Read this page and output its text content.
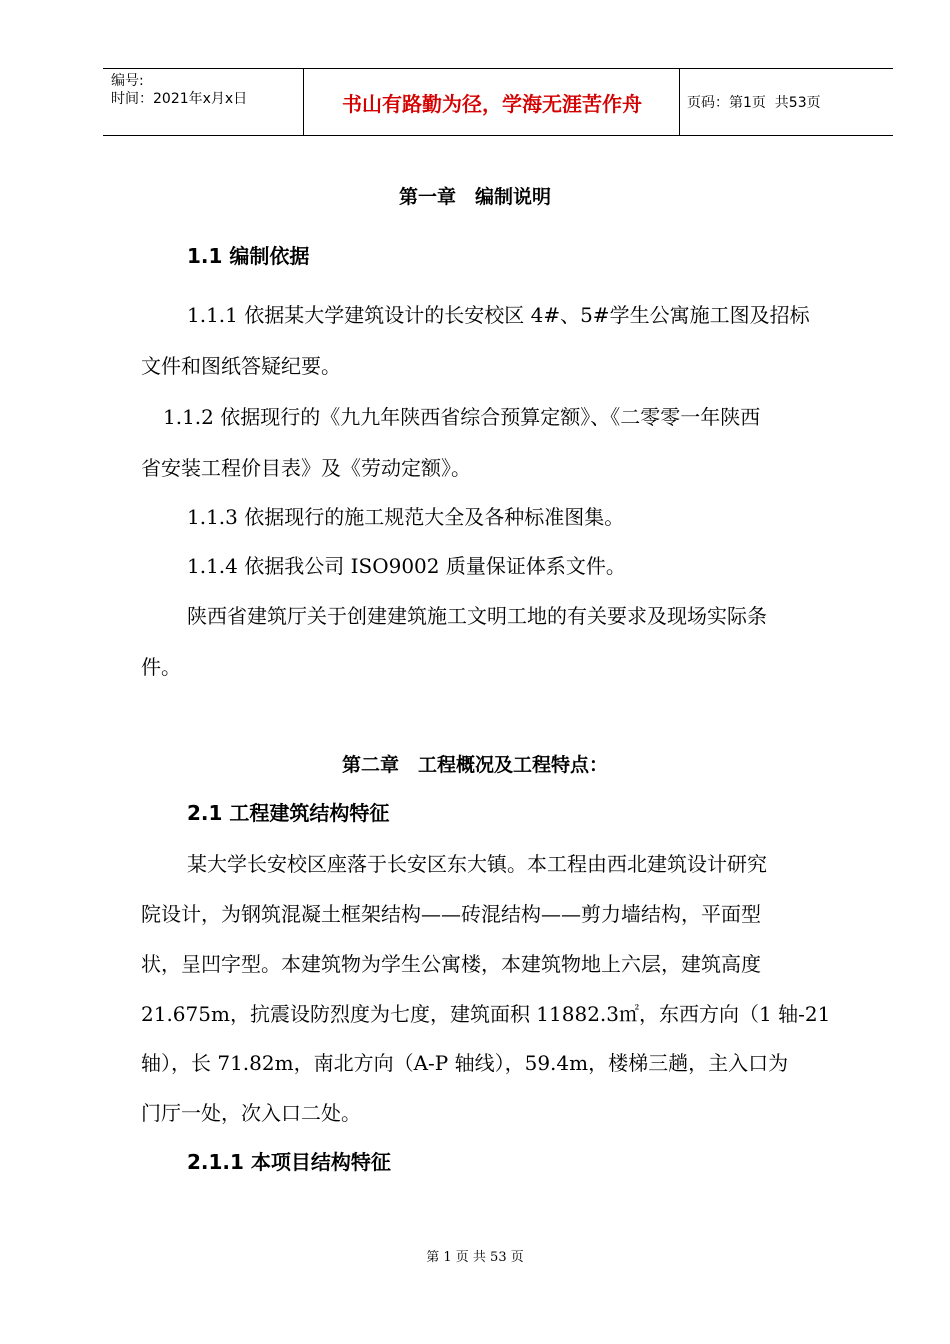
编号:
时间：2021年x月x日	书山有路勤为径，学海无涯苦作舟	页码：第1页  共53页
第一章　编制说明
1.1 编制依据
1.1.1 依据某大学建筑设计的长安校区 4#、5#学生公寓施工图及招标
文件和图纸答疑纪要。
1.1.2 依据现行的《九九年陕西省综合预算定额》、《二零零一年陕西
省安装工程价目表》及《劳动定额》。
1.1.3 依据现行的施工规范大全及各种标准图集。
1.1.4 依据我公司 ISO9002 质量保证体系文件。
陕西省建筑厅关于创建建筑施工文明工地的有关要求及现场实际条
件。
第二章　工程概况及工程特点：
2.1 工程建筑结构特征
某大学长安校区座落于长安区东大镇。本工程由西北建筑设计研究
院设计，为钢筑混凝土框架结构——砖混结构——剪力墙结构，平面型
状，呈凹字型。本建筑物为学生公寓楼，本建筑物地上六层，建筑高度
21.675m，抗震设防烈度为七度，建筑面积 11882.3㎡，东西方向（1 轴-21
轴），长 71.82m，南北方向（A-P 轴线），59.4m，楼梯三趟，主入口为
门厅一处，次入口二处。
2.1.1 本项目结构特征
第 1 页 共 53 页
